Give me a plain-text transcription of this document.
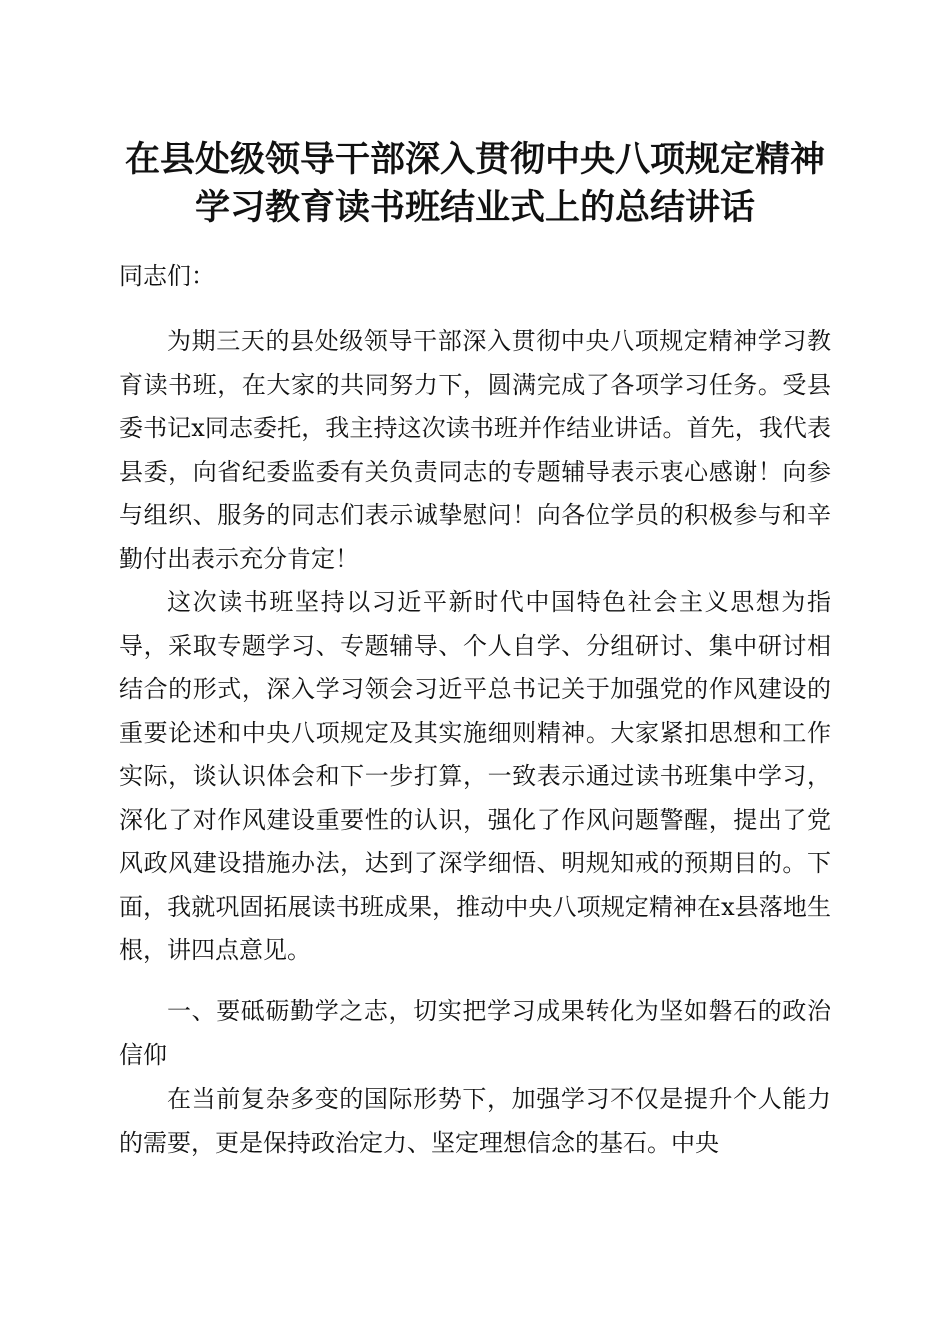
在县处级领导干部深入贯彻中央八项规定精神
学习教育读书班结业式上的总结讲话
同志们：

为期三天的县处级领导干部深入贯彻中央八项规定精神学习教育读书班，在大家的共同努力下，圆满完成了各项学习任务。受县委书记x同志委托，我主持这次读书班并作结业讲话。首先，我代表县委，向省纪委监委有关负责同志的专题辅导表示衷心感谢！向参与组织、服务的同志们表示诚挚慰问！向各位学员的积极参与和辛勤付出表示充分肯定！

这次读书班坚持以习近平新时代中国特色社会主义思想为指导，采取专题学习、专题辅导、个人自学、分组研讨、集中研讨相结合的形式，深入学习领会习近平总书记关于加强党的作风建设的重要论述和中央八项规定及其实施细则精神。大家紧扣思想和工作实际，谈认识体会和下一步打算，一致表示通过读书班集中学习，深化了对作风建设重要性的认识，强化了作风问题警醒，提出了党风政风建设措施办法，达到了深学细悟、明规知戒的预期目的。下面，我就巩固拓展读书班成果，推动中央八项规定精神在x县落地生根，讲四点意见。

一、要砥砺勤学之志，切实把学习成果转化为坚如磐石的政治信仰

在当前复杂多变的国际形势下，加强学习不仅是提升个人能力的需要，更是保持政治定力、坚定理想信念的基石。中央
